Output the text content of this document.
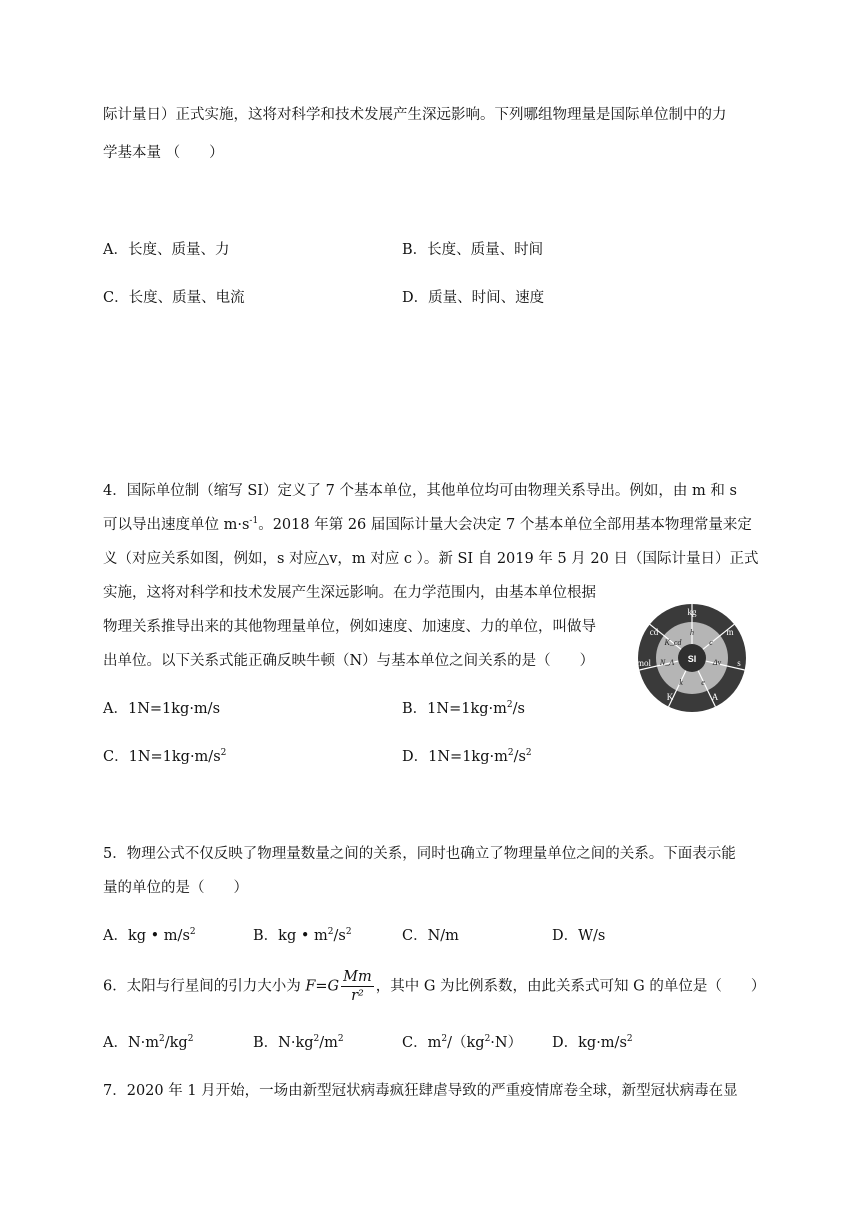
际计量日）正式实施，这将对科学和技术发展产生深远影响。下列哪组物理量是国际单位制中的力
学基本量 （　　）
A．长度、质量、力	B．长度、质量、时间
C．长度、质量、电流	D．质量、时间、速度
4．国际单位制（缩写 SI）定义了 7 个基本单位，其他单位均可由物理关系导出。例如，由 m 和 s
可以导出速度单位 $m\cdot s^{-1}$。2018 年第 26 届国际计量大会决定 7 个基本单位全部用基本物理常量来定
义（对应关系如图，例如，s 对应△v，m 对应 c ）。新 SI 自 2019 年 5 月 20 日（国际计量日）正式
实施，这将对科学和技术发展产生深远影响。在力学范围内，由基本单位根据
物理关系推导出来的其他物理量单位，例如速度、加速度、力的单位，叫做导
出单位。以下关系式能正确反映牛顿（N）与基本单位之间关系的是（　　）
A．1N=1kg·m/s	B．$1N=1kg\cdot m^2/s$
C．$1N=1kg\cdot m/s^2$	D．$1N=1kg\cdot m^2/s^2$
SI
kg
m
s
A
K
mol
cd	h
c
Δv
e
k
N_A
K_cd
5．物理公式不仅反映了物理量数量之间的关系，同时也确立了物理量单位之间的关系。下面表示能
量的单位的是（　　）
A．kg • $m/s^2$	B．kg • $m^2/s^2$	C．N/m	D．W/s
6．太阳与行星间的引力大小为 $F=G \frac{Mm}{\text{r²}}$ ，其中 G 为比例系数，由此关系式可知 G 的单位是（　　）
A．$N\cdot m^2/kg^2$	B．$N\cdot kg^2/m^2$	C．$m^2/(kg^2\cdot N)$ D．$kg\cdot m/s^2$
7．2020 年 1 月开始，一场由新型冠状病毒疯狂肆虐导致的严重疫情席卷全球，新型冠状病毒在显
